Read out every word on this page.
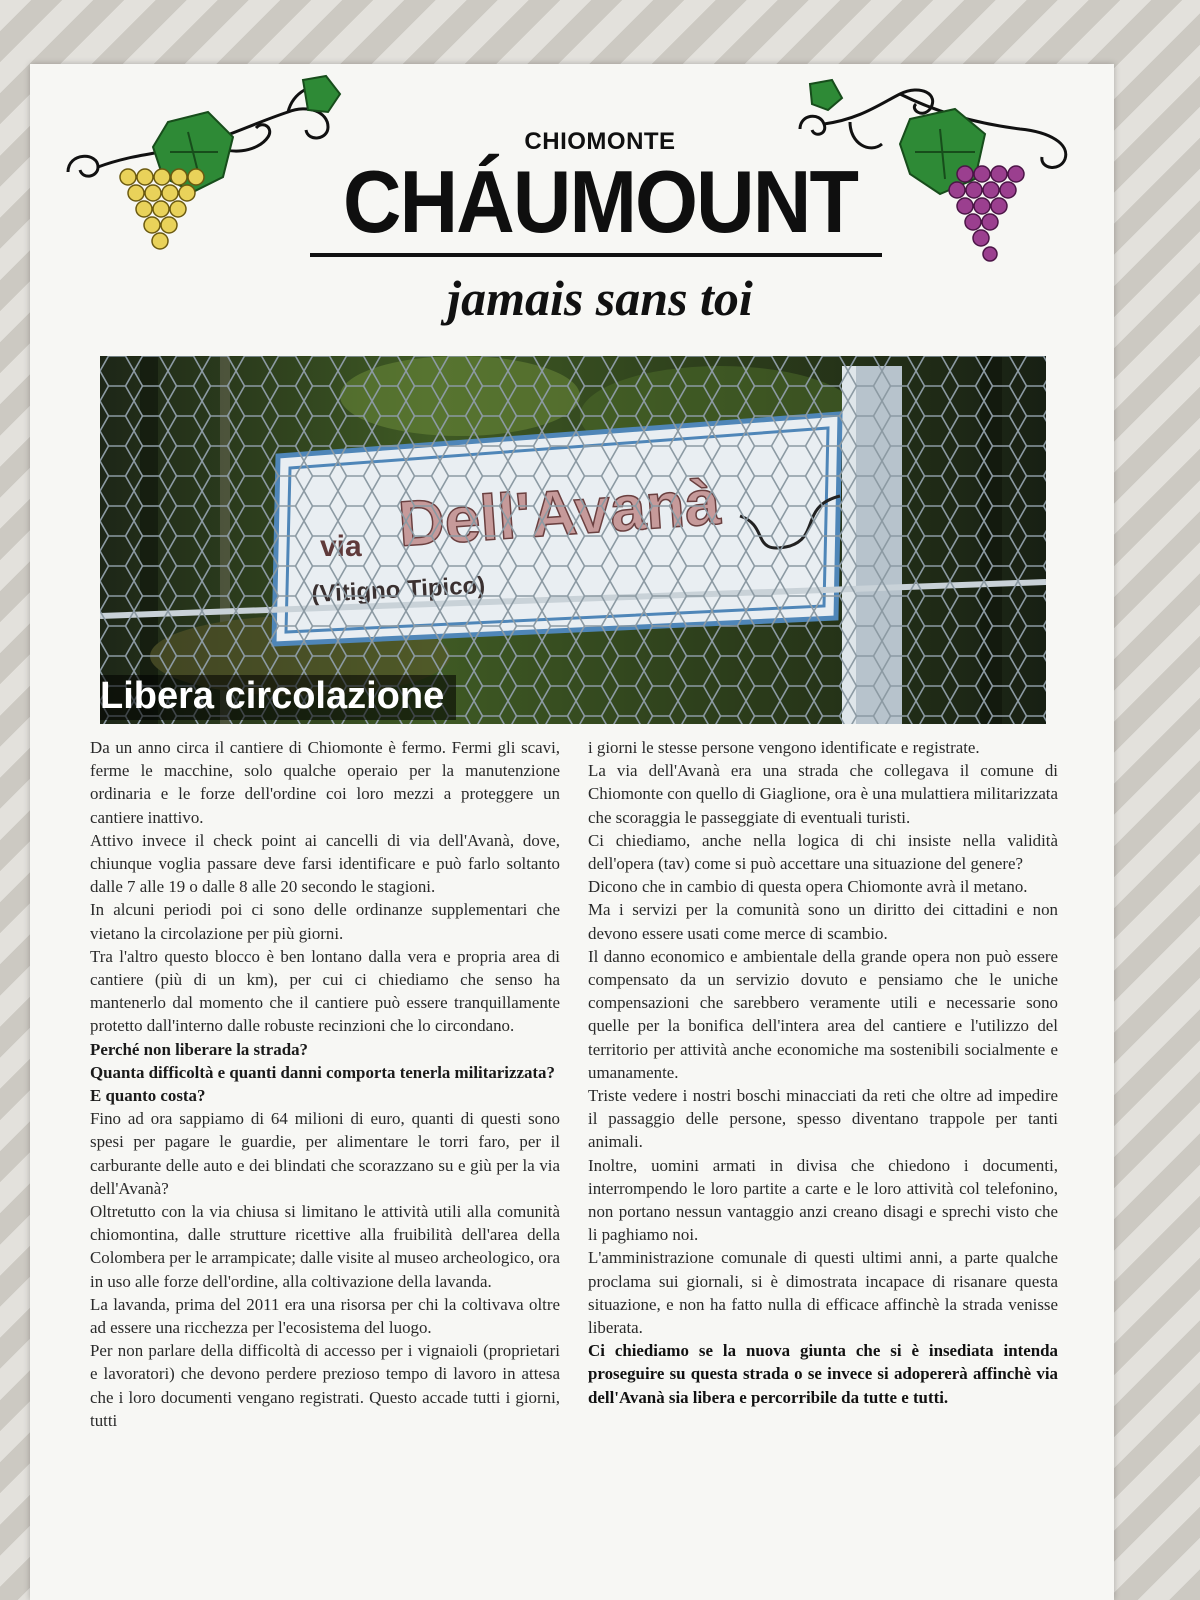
CHIOMONTE
CHÁUMOUNT
jamais sans toi
Libera circolazione

Da un anno circa il cantiere di Chiomonte è fermo. Fermi gli scavi, ferme le macchine, solo qualche operaio per la manutenzione ordinaria e le forze dell'ordine coi loro mezzi a proteggere un cantiere inattivo.

Attivo invece il check point ai cancelli di via dell'Avanà, dove, chiunque voglia passare deve farsi identificare e può farlo soltanto dalle 7 alle 19 o dalle 8 alle 20 secondo le stagioni.

In alcuni periodi poi ci sono delle ordinanze supplementari che vietano la circolazione per più giorni.

Tra l'altro questo blocco è ben lontano dalla vera e propria area di cantiere (più di un km), per cui ci chiediamo che senso ha mantenerlo dal momento che il cantiere può essere tranquillamente protetto dall'interno dalle robuste recinzioni che lo circondano.

Perché non liberare la strada?

Quanta difficoltà e quanti danni comporta tenerla militarizzata?

E quanto costa?

Fino ad ora sappiamo di 64 milioni di euro, quanti di questi sono spesi per pagare le guardie, per alimentare le torri faro, per il carburante delle auto e dei blindati che scorazzano su e giù per la via dell'Avanà?

Oltretutto con la via chiusa si limitano le attività utili alla comunità chiomontina, dalle strutture ricettive alla fruibilità dell'area della Colombera per le arrampicate; dalle visite al museo archeologico, ora in uso alle forze dell'ordine, alla coltivazione della lavanda.

La lavanda, prima del 2011 era una risorsa per chi la coltivava oltre ad essere una ricchezza per l'ecosistema del luogo.

Per non parlare della difficoltà di accesso per i vignaioli (proprietari e lavoratori) che devono perdere prezioso tempo di lavoro in attesa che i loro documenti vengano registrati. Questo accade tutti i giorni, tutti

i giorni le stesse persone vengono identificate e registrate.

La via dell'Avanà era una strada che collegava il comune di Chiomonte con quello di Giaglione, ora è una mulattiera militarizzata che scoraggia le passeggiate di eventuali turisti.

Ci chiediamo, anche nella logica di chi insiste nella validità dell'opera (tav) come si può accettare una situazione del genere?

Dicono che in cambio di questa opera Chiomonte avrà il metano.

Ma i servizi per la comunità sono un diritto dei cittadini e non devono essere usati come merce di scambio.

Il danno economico e ambientale della grande opera non può essere compensato da un servizio dovuto e pensiamo che le uniche compensazioni che sarebbero veramente utili e necessarie sono quelle per la bonifica dell'intera area del cantiere e l'utilizzo del territorio per attività anche economiche ma sostenibili socialmente e umanamente.

Triste vedere i nostri boschi minacciati da reti che oltre ad impedire il passaggio delle persone, spesso diventano trappole per tanti animali.

Inoltre, uomini armati in divisa che chiedono i documenti, interrompendo le loro partite a carte e le loro attività col telefonino, non portano nessun vantaggio anzi creano disagi e sprechi visto che li paghiamo noi.

L'amministrazione comunale di questi ultimi anni, a parte qualche proclama sui giornali, si è dimostrata incapace di risanare questa situazione, e non ha fatto nulla di efficace affinchè la strada venisse liberata.

Ci chiediamo se la nuova giunta che si è insediata intenda proseguire su questa strada o se invece si adopererà affinchè via dell'Avanà sia libera e percorribile da tutte e tutti.
